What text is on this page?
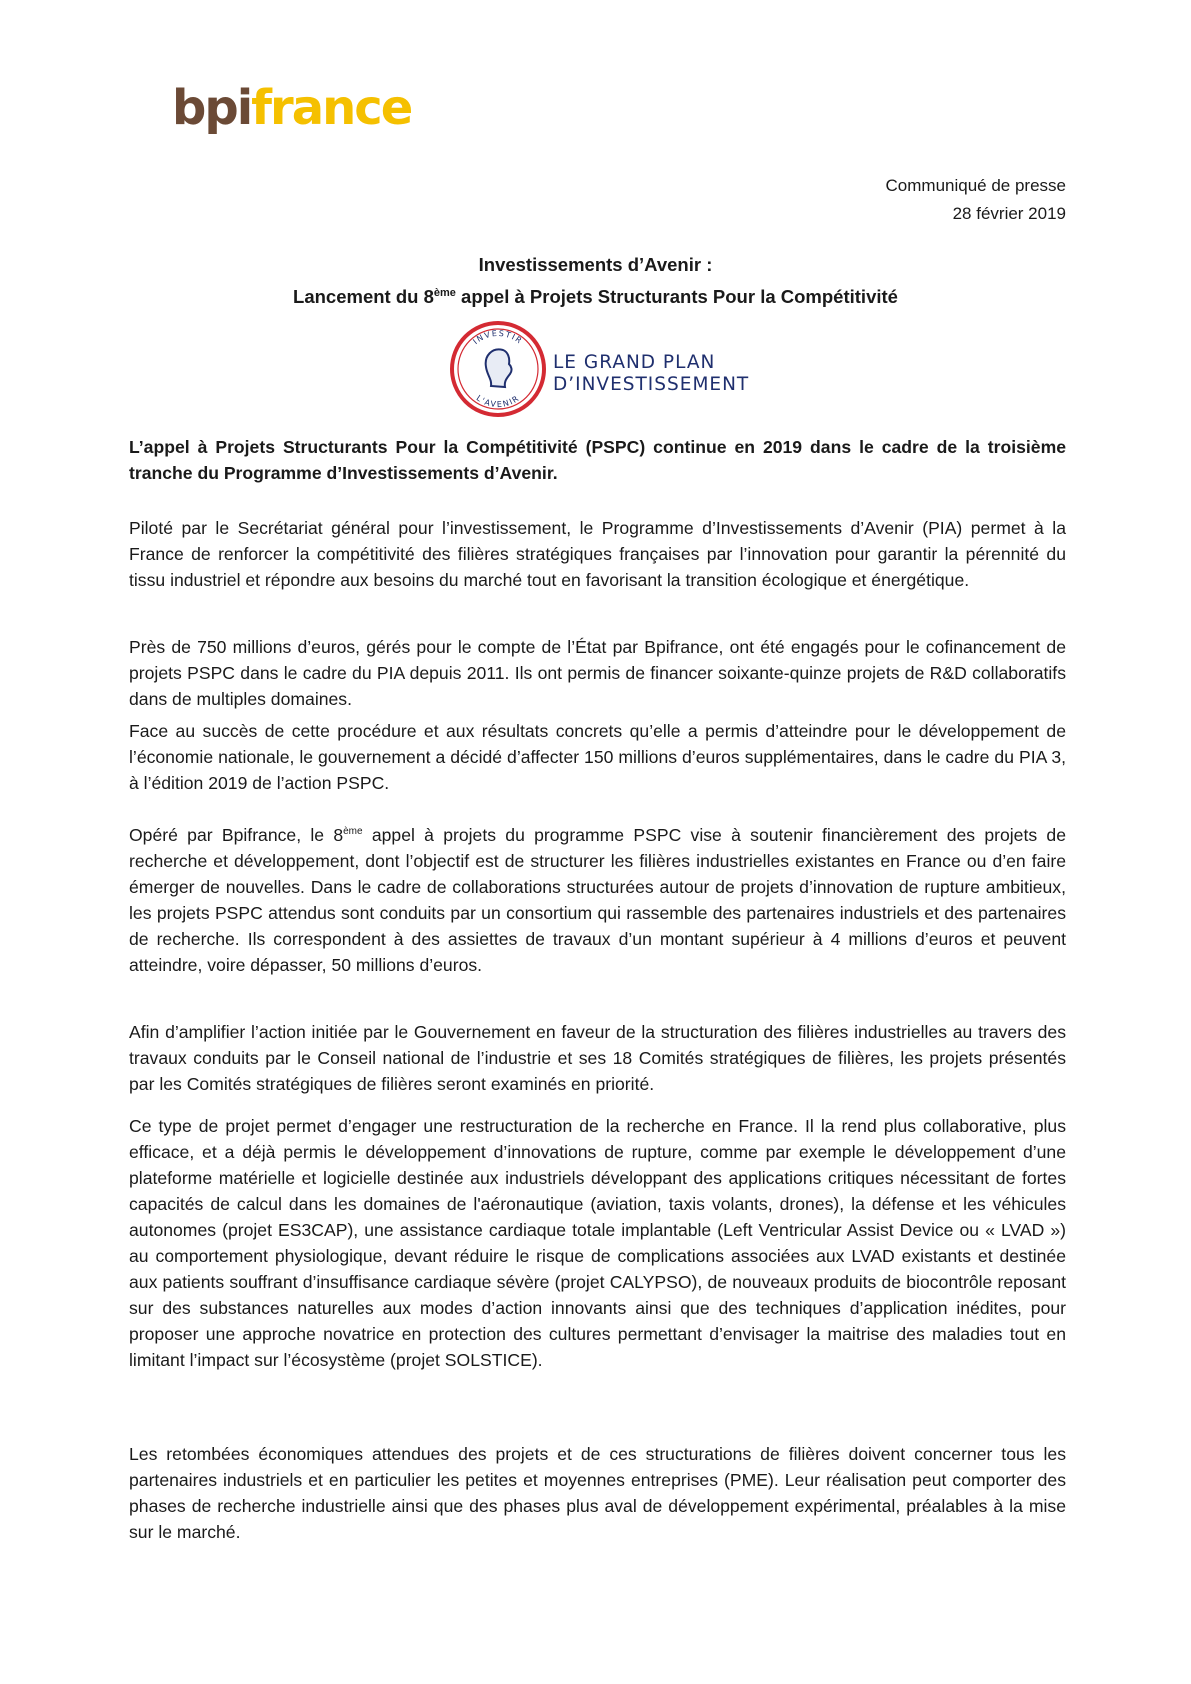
bpifrance
Communiqué de presse
28 février 2019
Investissements d’Avenir :
Lancement du 8ème appel à Projets Structurants Pour la Compétitivité
INVESTIR
L'AVENIR
LE GRAND PLAN
D’INVESTISSEMENT

L’appel à Projets Structurants Pour la Compétitivité (PSPC) continue en 2019 dans le cadre de la troisième tranche du Programme d’Investissements d’Avenir.

Piloté par le Secrétariat général pour l’investissement, le Programme d’Investissements d’Avenir (PIA) permet à la France de renforcer la compétitivité des filières stratégiques françaises par l’innovation pour garantir la pérennité du tissu industriel et répondre aux besoins du marché tout en favorisant la transition écologique et énergétique.

Près de 750 millions d’euros, gérés pour le compte de l’État par Bpifrance, ont été engagés pour le cofinancement de projets PSPC dans le cadre du PIA depuis 2011. Ils ont permis de financer soixante-quinze projets de R&D collaboratifs dans de multiples domaines.

Face au succès de cette procédure et aux résultats concrets qu’elle a permis d’atteindre pour le développement de l’économie nationale, le gouvernement a décidé d’affecter 150 millions d’euros supplémentaires, dans le cadre du PIA 3, à l’édition 2019 de l’action PSPC.

Opéré par Bpifrance, le 8ème appel à projets du programme PSPC vise à soutenir financièrement des projets de recherche et développement, dont l’objectif est de structurer les filières industrielles existantes en France ou d’en faire émerger de nouvelles. Dans le cadre de collaborations structurées autour de projets d’innovation de rupture ambitieux, les projets PSPC attendus sont conduits par un consortium qui rassemble des partenaires industriels et des partenaires de recherche. Ils correspondent à des assiettes de travaux d’un montant supérieur à 4 millions d’euros et peuvent atteindre, voire dépasser, 50 millions d’euros.

Afin d’amplifier l’action initiée par le Gouvernement en faveur de la structuration des filières industrielles au travers des travaux conduits par le Conseil national de l’industrie et ses 18 Comités stratégiques de filières, les projets présentés par les Comités stratégiques de filières seront examinés en priorité.

Ce type de projet permet d’engager une restructuration de la recherche en France. Il la rend plus collaborative, plus efficace, et a déjà permis le développement d’innovations de rupture, comme par exemple le développement d’une plateforme matérielle et logicielle destinée aux industriels développant des applications critiques nécessitant de fortes capacités de calcul dans les domaines de l'aéronautique (aviation, taxis volants, drones), la défense et les véhicules autonomes (projet ES3CAP), une assistance cardiaque totale implantable (Left Ventricular Assist Device ou « LVAD ») au comportement physiologique, devant réduire le risque de complications associées aux LVAD existants et destinée aux patients souffrant d’insuffisance cardiaque sévère (projet CALYPSO), de nouveaux produits de biocontrôle reposant sur des substances naturelles aux modes d’action innovants ainsi que des techniques d’application inédites, pour proposer une approche novatrice en protection des cultures permettant d’envisager la maitrise des maladies tout en limitant l’impact sur l’écosystème (projet SOLSTICE).

Les retombées économiques attendues des projets et de ces structurations de filières doivent concerner tous les partenaires industriels et en particulier les petites et moyennes entreprises (PME). Leur réalisation peut comporter des phases de recherche industrielle ainsi que des phases plus aval de développement expérimental, préalables à la mise sur le marché.
